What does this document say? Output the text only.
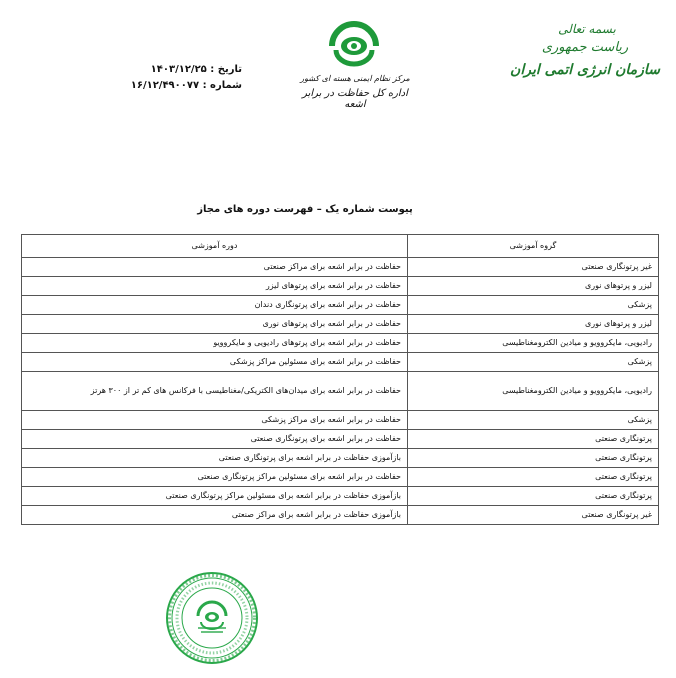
بسمه تعالی
ریاست جمهوری
سازمان انرژی اتمی ایران
مرکز نظام ایمنی هسته ای کشور
اداره کل حفاظت در برابر اشعه
تاریخ : ۱۴۰۳/۱۲/۲۵
شماره : ۱۶/۱۲/۴۹۰۰۷۷
پیوست شماره یک – فهرست دوره های مجاز
گروه آموزشی	دوره آموزشی

غیر پرتونگاری صنعتی	حفاظت در برابر اشعه برای مراکز صنعتی
لیزر و پرتوهای نوری	حفاظت در برابر اشعه برای پرتوهای لیزر
پزشکی	حفاظت در برابر اشعه برای پرتونگاری دندان
لیزر و پرتوهای نوری	حفاظت در برابر اشعه برای پرتوهای نوری
رادیویی، مایکروویو و میادین الکترومغناطیسی	حفاظت در برابر اشعه برای پرتوهای رادیویی و مایکروویو
پزشکی	حفاظت در برابر اشعه برای مسئولین مراکز پزشکی
رادیویی، مایکروویو و میادین الکترومغناطیسی	حفاظت در برابر اشعه برای میدان‌های الکتریکی/مغناطیسی با فرکانس های کم تر از ۳۰۰ هرتز
پزشکی	حفاظت در برابر اشعه برای مراکز پزشکی
پرتونگاری صنعتی	حفاظت در برابر اشعه برای پرتونگاری صنعتی
پرتونگاری صنعتی	بازآموزی حفاظت در برابر اشعه برای پرتونگاری صنعتی
پرتونگاری صنعتی	حفاظت در برابر اشعه برای مسئولین مراکز پرتونگاری صنعتی
پرتونگاری صنعتی	بازآموزی حفاظت در برابر اشعه برای مسئولین مراکز پرتونگاری صنعتی
غیر پرتونگاری صنعتی	بازآموزی حفاظت در برابر اشعه برای مراکز صنعتی
